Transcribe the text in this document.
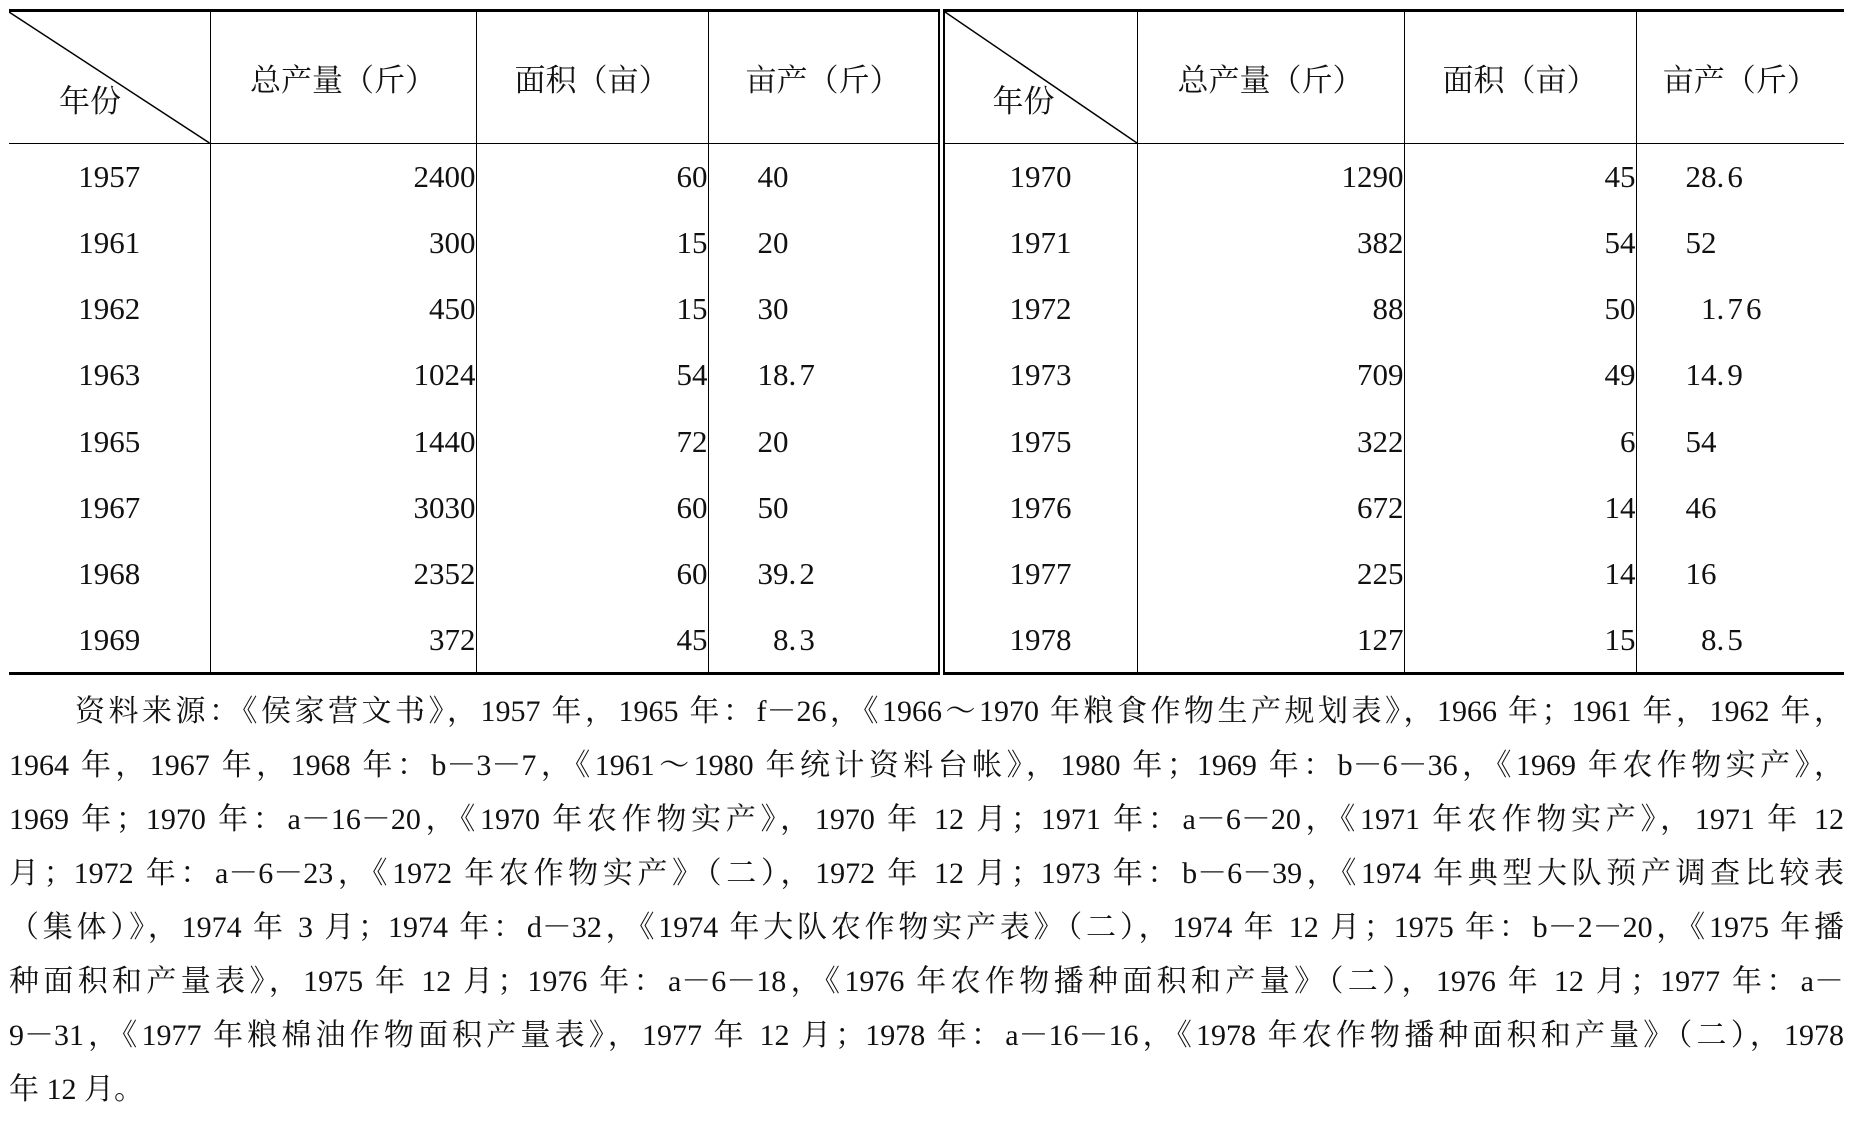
年份	总产量（斤）	面积（亩）	亩产（斤）	年份	总产量（斤）	面积（亩）	亩产（斤）
1957	2400	60	40	1970	1290	45	28.6
1961	300	15	20	1971	382	54	52
1962	450	15	30	1972	88	50	1.76
1963	1024	54	18.7	1973	709	49	14.9
1965	1440	72	20	1975	322	6	54
1967	3030	60	50	1976	672	14	46
1968	2352	60	39.2	1977	225	14	16
1969	372	45	8.3	1978	127	15	8.5
资料来源：《侯家营文书》，1957 年，1965 年：f－26，《1966～1970 年粮食作物生产规划表》，1966 年；1961 年，1962 年，
1964 年，1967 年，1968 年：b－3－7，《1961～1980 年统计资料台帐》，1980 年；1969 年：b－6－36，《1969 年农作物实产》，
1969 年；1970 年：a－16－20，《1970 年农作物实产》，1970 年 12 月；1971 年：a－6－20，《1971 年农作物实产》，1971 年 12
月；1972 年：a－6－23，《1972 年农作物实产》（二），1972 年 12 月；1973 年：b－6－39，《1974 年典型大队预产调查比较表
（集体）》，1974 年 3 月；1974 年：d－32，《1974 年大队农作物实产表》（二），1974 年 12 月；1975 年：b－2－20，《1975 年播
种面积和产量表》，1975 年 12 月；1976 年：a－6－18，《1976 年农作物播种面积和产量》（二），1976 年 12 月；1977 年：a－
9－31，《1977 年粮棉油作物面积产量表》，1977 年 12 月；1978 年：a－16－16，《1978 年农作物播种面积和产量》（二），1978
年 12 月。
